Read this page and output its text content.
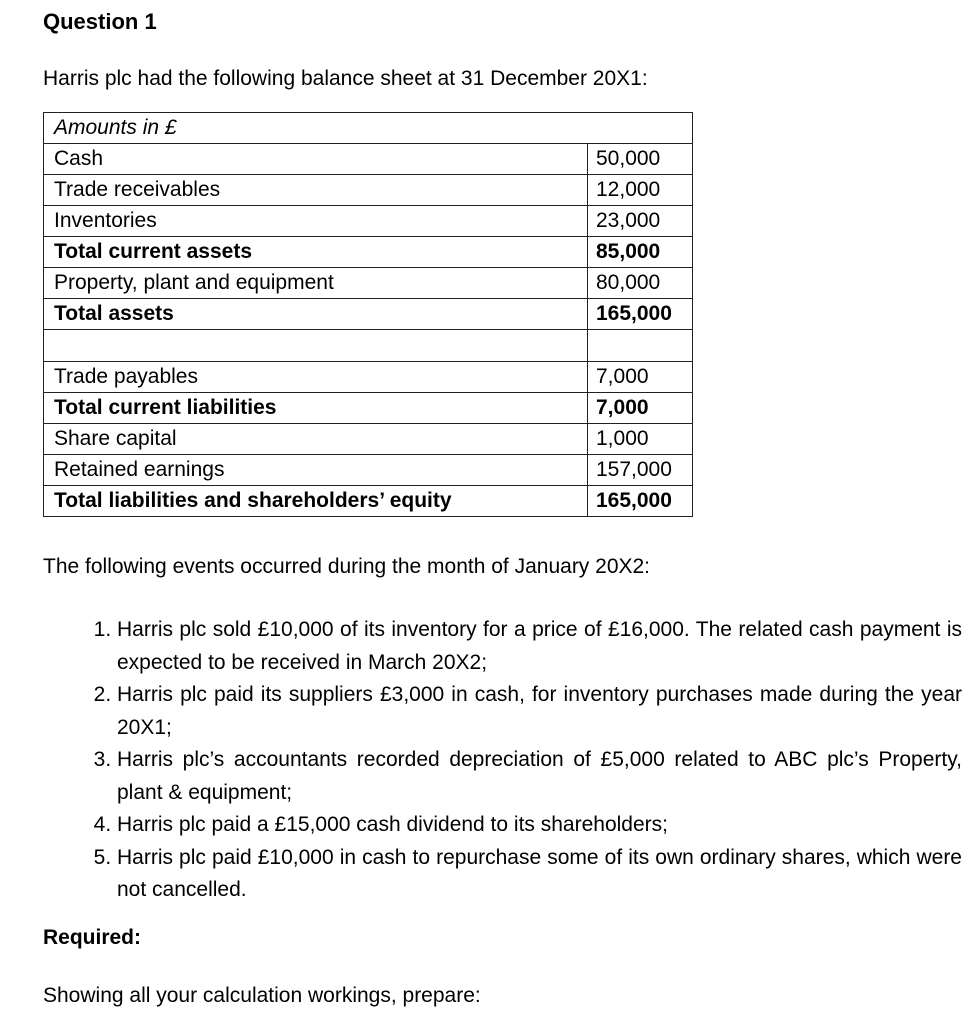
Question 1
Harris plc had the following balance sheet at 31 December 20X1:
Amounts in £	
Cash	50,000
Trade receivables	12,000
Inventories	23,000
Total current assets	85,000
Property, plant and equipment	80,000
Total assets	165,000

Trade payables	7,000
Total current liabilities	7,000
Share capital	1,000
Retained earnings	157,000
Total liabilities and shareholders’ equity	165,000
The following events occurred during the month of January 20X2:
1. Harris plc sold £10,000 of its inventory for a price of £16,000. The related cash payment is expected to be received in March 20X2;
2. Harris plc paid its suppliers £3,000 in cash, for inventory purchases made during the year 20X1;
3. Harris plc’s accountants recorded depreciation of £5,000 related to ABC plc’s Property, plant & equipment;
4. Harris plc paid a £15,000 cash dividend to its shareholders;
5. Harris plc paid £10,000 in cash to repurchase some of its own ordinary shares, which were not cancelled.
Required:
Showing all your calculation workings, prepare:
